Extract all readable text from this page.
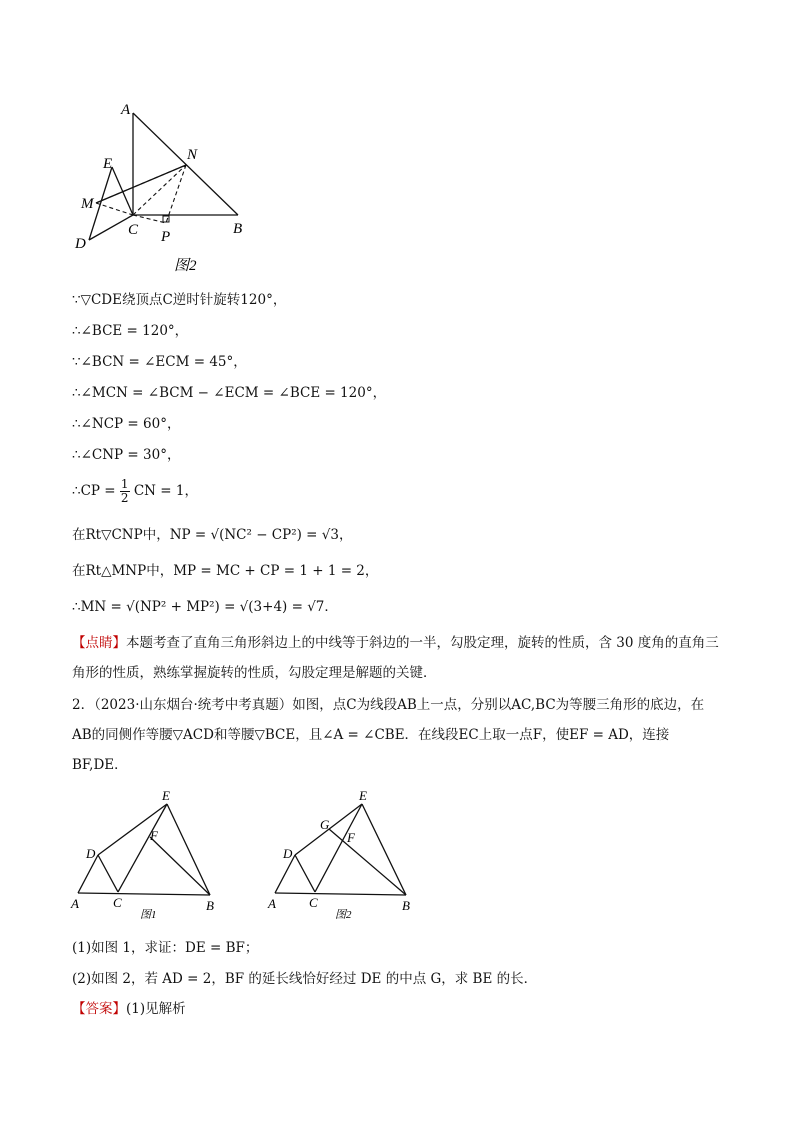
A
N
E
M
C P	B
D
图2
∵▽CDE绕顶点C逆时针旋转120°，
∴∠BCE = 120°，
∵∠BCN = ∠ECM = 45°，
∴∠MCN = ∠BCM − ∠ECM = ∠BCE = 120°，
∴∠NCP = 60°，
∴∠CNP = 30°，
∴CP = $\frac{1}{2}$ CN = 1，
在Rt▽CNP中，NP = √(NC² − CP²) = √3，
在Rt△MNP中，MP = MC + CP = 1 + 1 = 2，
∴MN = √(NP² + MP²) = √(3+4) = √7．
【点睛】本题考查了直角三角形斜边上的中线等于斜边的一半，勾股定理，旋转的性质，含 30 度角的直角三角形的性质，熟练掌握旋转的性质，勾股定理是解题的关键．
2．（2023·山东烟台·统考中考真题）如图，点C为线段AB上一点，分别以AC,BC为等腰三角形的底边，在AB的同侧作等腰▽ACD和等腰▽BCE，且∠A = ∠CBE．在线段EC上取一点F，使EF = AD，连接BF,DE．
E
D
F
A	C	B
图1
E
G
D
F
A	C	B
图2
(1)如图 1，求证：DE = BF；
(2)如图 2，若 AD = 2，BF 的延长线恰好经过 DE 的中点 G，求 BE 的长．
【答案】(1)见解析
